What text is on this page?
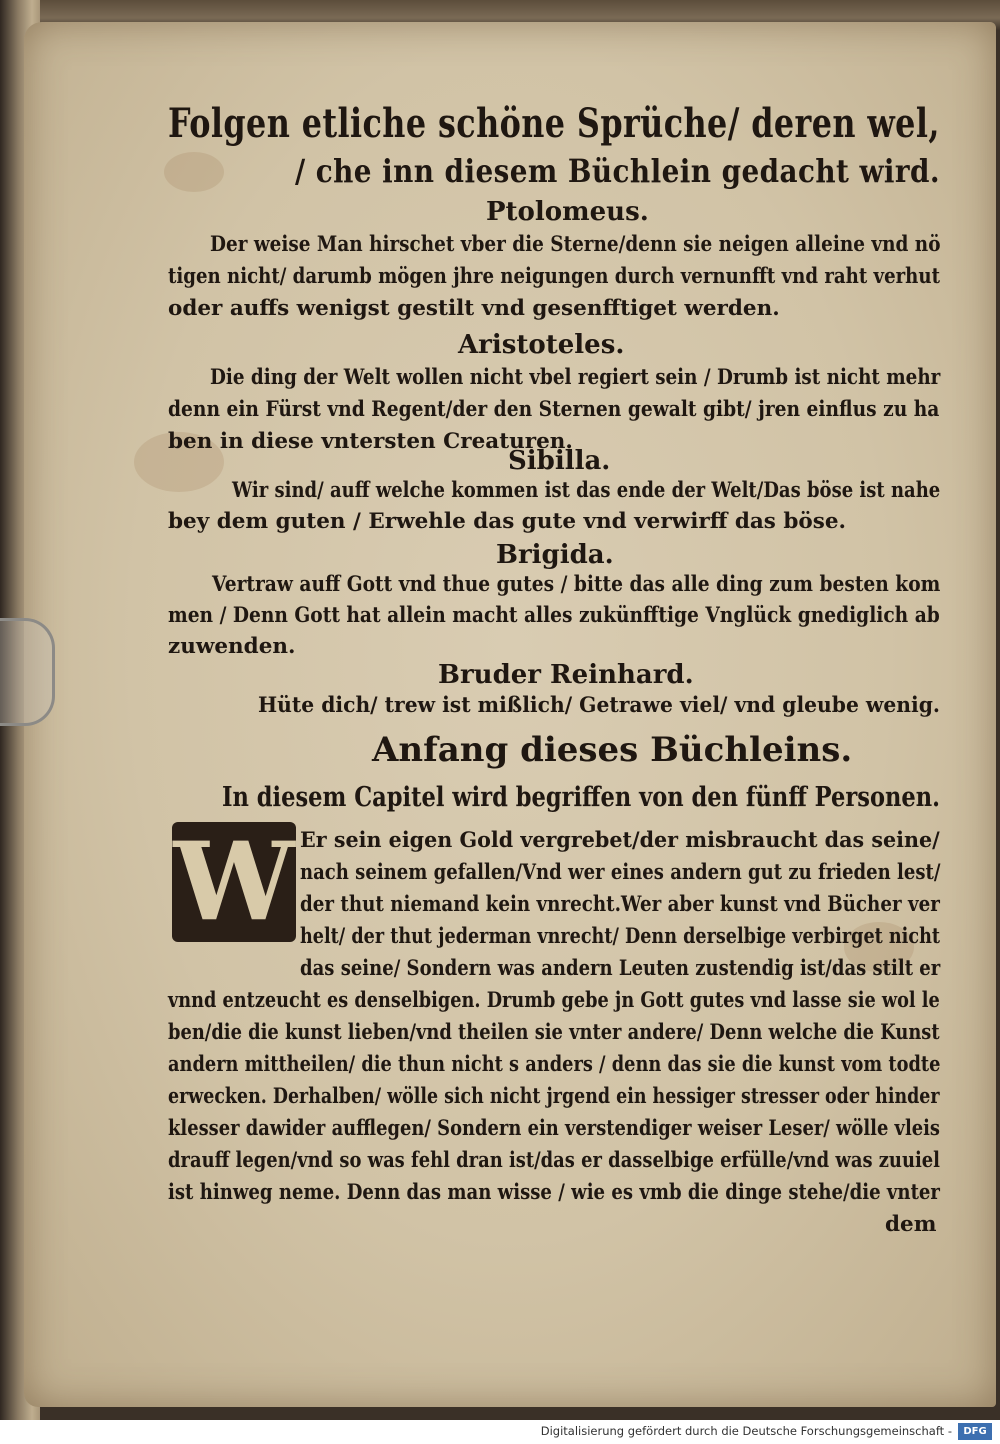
Folgen etliche schöne Sprüche/ deren wel,
/ che inn diesem Büchlein gedacht wird.
Ptolomeus.
Der weise Man hirschet vber die Sterne/denn sie neigen alleine vnd nö
tigen nicht/ darumb mögen jhre neigungen durch vernunfft vnd raht verhut
oder auffs wenigst gestilt vnd gesenfftiget werden.
Aristoteles.
Die ding der Welt wollen nicht vbel regiert sein / Drumb ist nicht mehr
denn ein Fürst vnd Regent/der den Sternen gewalt gibt/ jren einflus zu ha
ben in diese vntersten Creaturen.
Sibilla.
Wir sind/ auff welche kommen ist das ende der Welt/Das böse ist nahe
bey dem guten / Erwehle das gute vnd verwirff das böse.
Brigida.
Vertraw auff Gott vnd thue gutes / bitte das alle ding zum besten kom
men / Denn Gott hat allein macht alles zukünfftige Vnglück gnediglich ab
zuwenden.
Bruder Reinhard.
Hüte dich/ trew ist mißlich/ Getrawe viel/ vnd gleube wenig.
Anfang dieses Büchleins.
In diesem Capitel wird begriffen von den fünff Personen.
W Er sein eigen Gold vergrebet/der misbraucht das seine/
nach seinem gefallen/Vnd wer eines andern gut zu frieden lest/
der thut niemand kein vnrecht.Wer aber kunst vnd Bücher ver
helt/ der thut jederman vnrecht/ Denn derselbige verbirget nicht
das seine/ Sondern was andern Leuten zustendig ist/das stilt er
vnnd entzeucht es denselbigen. Drumb gebe jn Gott gutes vnd lasse sie wol le
ben/die die kunst lieben/vnd theilen sie vnter andere/ Denn welche die Kunst
andern mittheilen/ die thun nicht s anders / denn das sie die kunst vom todte
erwecken. Derhalben/ wölle sich nicht jrgend ein hessiger stresser oder hinder
klesser dawider aufflegen/ Sondern ein verstendiger weiser Leser/ wölle vleis
drauff legen/vnd so was fehl dran ist/das er dasselbige erfülle/vnd was zuuiel
ist hinweg neme. Denn das man wisse / wie es vmb die dinge stehe/die vnter
dem
Digitalisierung gefördert durch die Deutsche Forschungsgemeinschaft -	DFG
